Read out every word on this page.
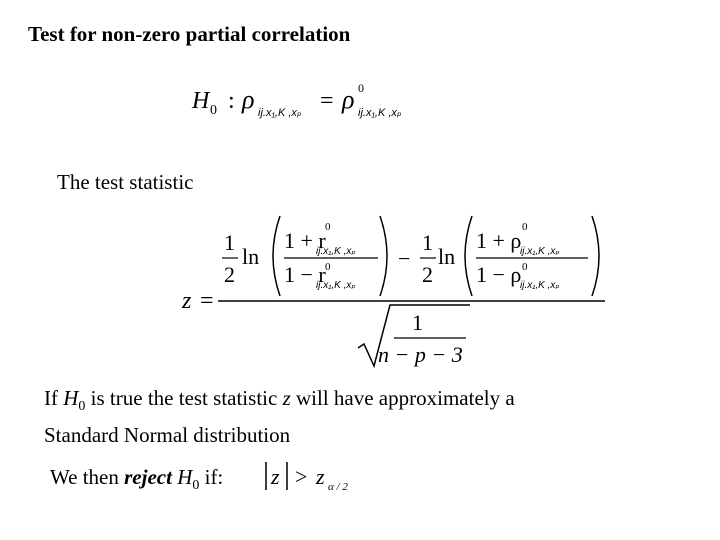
Test for non-zero partial correlation
H 0 : ρ ij.x₁,K ,xₚ = ρ 0
ij.x₁,K ,xₚ
The test statistic
z =
1
2
ln
1 + r
0
ij.x₁,K ,xₚ
1 − r 0
ij.x₁,K ,xₚ
−
1
2
ln
1 + ρ
0
ij.x₁,K ,xₚ
1 − ρ 0
ij.x₁,K ,xₚ
1
n − p − 3
If $H_0$ is true the test statistic z will have approximately a
Standard Normal distribution
We then reject $H_0$ if: z > z α / 2
